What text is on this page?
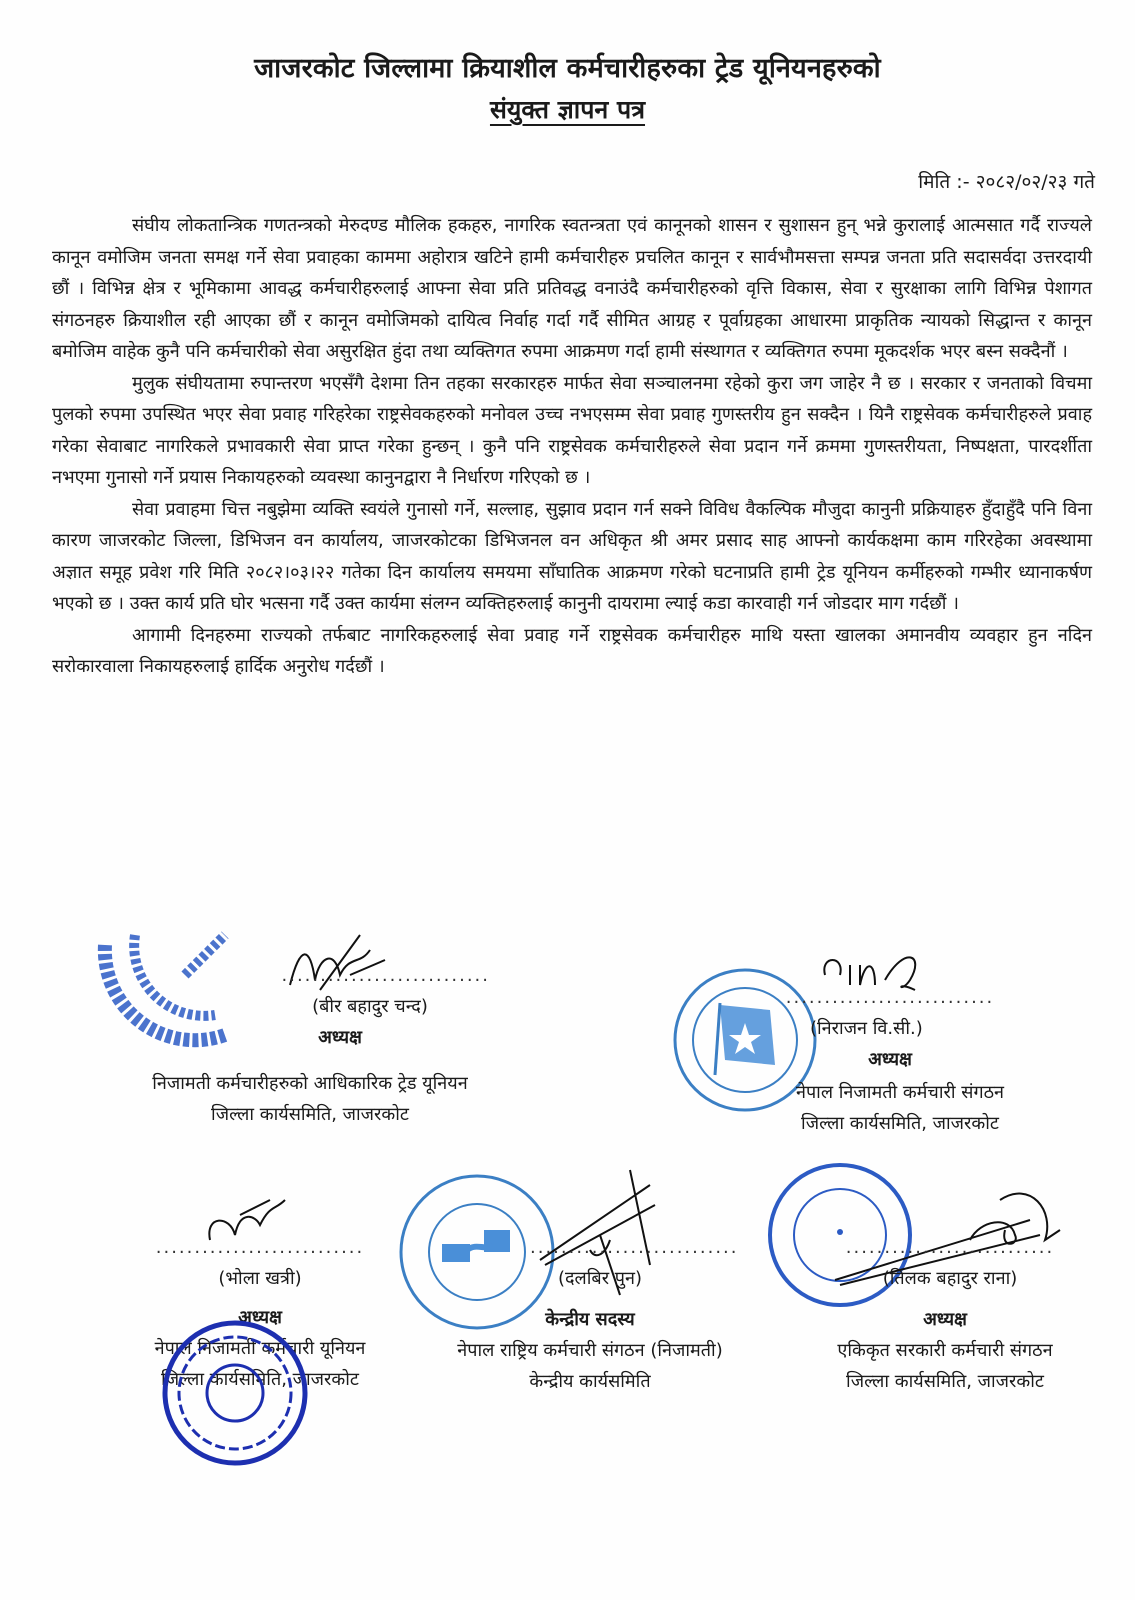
जाजरकोट जिल्लामा क्रियाशील कर्मचारीहरुका ट्रेड यूनियनहरुको
संयुक्त ज्ञापन पत्र
मिति :- २०८२/०२/२३ गते

संघीय लोकतान्त्रिक गणतन्त्रको मेरुदण्ड मौलिक हकहरु, नागरिक स्वतन्त्रता एवं कानूनको शासन र सुशासन हुन् भन्ने कुरालाई आत्मसात गर्दै राज्यले कानून वमोजिम जनता समक्ष गर्ने सेवा प्रवाहका काममा अहोरात्र खटिने हामी कर्मचारीहरु प्रचलित कानून र सार्वभौमसत्ता सम्पन्न जनता प्रति सदासर्वदा उत्तरदायी छौं । विभिन्न क्षेत्र र भूमिकामा आवद्ध कर्मचारीहरुलाई आफ्ना सेवा प्रति प्रतिवद्ध वनाउंदै कर्मचारीहरुको वृत्ति विकास, सेवा र सुरक्षाका लागि विभिन्न पेशागत संगठनहरु क्रियाशील रही आएका छौं र कानून वमोजिमको दायित्व निर्वाह गर्दा गर्दै सीमित आग्रह र पूर्वाग्रहका आधारमा प्राकृतिक न्यायको सिद्धान्त र कानून बमोजिम वाहेक कुनै पनि कर्मचारीको सेवा असुरक्षित हुंदा तथा व्यक्तिगत रुपमा आक्रमण गर्दा हामी संस्थागत र व्यक्तिगत रुपमा मूकदर्शक भएर बस्न सक्दैनौं ।

मुलुक संघीयतामा रुपान्तरण भएसँगै देशमा तिन तहका सरकारहरु मार्फत सेवा सञ्चालनमा रहेको कुरा जग जाहेर नै छ । सरकार र जनताको विचमा पुलको रुपमा उपस्थित भएर सेवा प्रवाह गरिहरेका राष्ट्रसेवकहरुको मनोवल उच्च नभएसम्म सेवा प्रवाह गुणस्तरीय हुन सक्दैन । यिनै राष्ट्रसेवक कर्मचारीहरुले प्रवाह गरेका सेवाबाट नागरिकले प्रभावकारी सेवा प्राप्त गरेका हुन्छन् । कुनै पनि राष्ट्रसेवक कर्मचारीहरुले सेवा प्रदान गर्ने क्रममा गुणस्तरीयता, निष्पक्षता, पारदर्शीता नभएमा गुनासो गर्ने प्रयास निकायहरुको व्यवस्था कानुनद्वारा नै निर्धारण गरिएको छ ।

सेवा प्रवाहमा चित्त नबुझेमा व्यक्ति स्वयंले गुनासो गर्ने, सल्लाह, सुझाव प्रदान गर्न सक्ने विविध वैकल्पिक मौजुदा कानुनी प्रक्रियाहरु हुँदाहुँदै पनि विना कारण जाजरकोट जिल्ला, डिभिजन वन कार्यालय, जाजरकोटका डिभिजनल वन अधिकृत श्री अमर प्रसाद साह आफ्नो कार्यकक्षमा काम गरिरहेका अवस्थामा अज्ञात समूह प्रवेश गरि मिति २०८२।०३।२२ गतेका दिन कार्यालय समयमा साँघातिक आक्रमण गरेको घटनाप्रति हामी ट्रेड यूनियन कर्मीहरुको गम्भीर ध्यानाकर्षण भएको छ । उक्त कार्य प्रति घोर भत्सना गर्दै उक्त कार्यमा संलग्न व्यक्तिहरुलाई कानुनी दायरामा ल्याई कडा कारवाही गर्न जोडदार माग गर्दछौं ।

आगामी दिनहरुमा राज्यको तर्फबाट नागरिकहरुलाई सेवा प्रवाह गर्ने राष्ट्रसेवक कर्मचारीहरु माथि यस्ता खालका अमानवीय व्यवहार हुन नदिन सरोकारवाला निकायहरुलाई हार्दिक अनुरोध गर्दछौं ।

...........................
(बीर बहादुर चन्द)
अध्यक्ष
निजामती कर्मचारीहरुको आधिकारिक ट्रेड यूनियन
जिल्ला कार्यसमिति, जाजरकोट
...........................
(निराजन वि.सी.)
अध्यक्ष
नेपाल निजामती कर्मचारी संगठन
जिल्ला कार्यसमिति, जाजरकोट
...........................
(दलबिर पुन)
केन्द्रीय सदस्य
नेपाल राष्ट्रिय कर्मचारी संगठन (निजामती)
केन्द्रीय कार्यसमिति
...........................
(तिलक बहादुर राना)
अध्यक्ष
एकिकृत सरकारी कर्मचारी संगठन
जिल्ला कार्यसमिति, जाजरकोट
...........................
(भोला खत्री)
अध्यक्ष
नेपाल निजामती कर्मचारी यूनियन
जिल्ला कार्यसमिति, जाजरकोट
